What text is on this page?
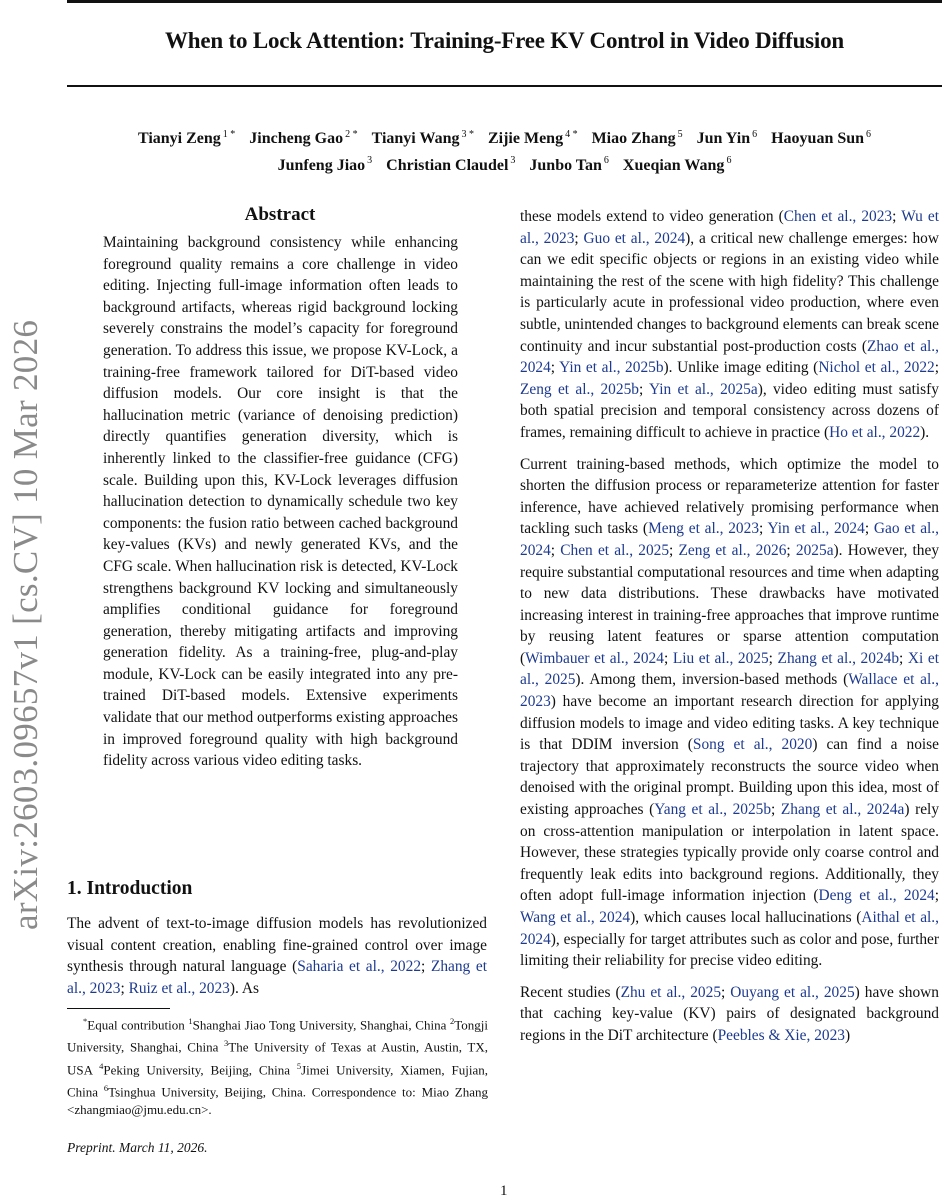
When to Lock Attention: Training-Free KV Control in Video Diffusion
Tianyi Zeng $^{1 *}$ Jincheng Gao $^{2 *}$ Tianyi Wang $^{3 *}$ Zijie Meng $^{4 *}$ Miao Zhang $^5$ Jun Yin $^6$ Haoyuan Sun $^6$
Junfeng Jiao $^3$ Christian Claudel $^3$ Junbo Tan $^6$ Xueqian Wang $^6$
arXiv:2603.09657v1 [cs.CV] 10 Mar 2026
Abstract

Maintaining background consistency while enhancing foreground quality remains a core challenge in video editing. Injecting full-image information often leads to background artifacts, whereas rigid background locking severely constrains the model’s capacity for foreground generation. To address this issue, we propose KV-Lock, a training-free framework tailored for DiT-based video diffusion models. Our core insight is that the hallucination metric (variance of denoising prediction) directly quantifies generation diversity, which is inherently linked to the classifier-free guidance (CFG) scale. Building upon this, KV-Lock leverages diffusion hallucination detection to dynamically schedule two key components: the fusion ratio between cached background key-values (KVs) and newly generated KVs, and the CFG scale. When hallucination risk is detected, KV-Lock strengthens background KV locking and simultaneously amplifies conditional guidance for foreground generation, thereby mitigating artifacts and improving generation fidelity. As a training-free, plug-and-play module, KV-Lock can be easily integrated into any pre-trained DiT-based models. Extensive experiments validate that our method outperforms existing approaches in improved foreground quality with high background fidelity across various video editing tasks.

1. Introduction

The advent of text-to-image diffusion models has revolutionized visual content creation, enabling fine-grained control over image synthesis through natural language (Saharia et al., 2022; Zhang et al., 2023; Ruiz et al., 2023). As

*Equal contribution $^1$Shanghai Jiao Tong University, Shanghai, China $^2$Tongji University, Shanghai, China $^3$The University of Texas at Austin, Austin, TX, USA $^4$Peking University, Beijing, China $^5$Jimei University, Xiamen, Fujian, China $^6$Tsinghua University, Beijing, China. Correspondence to: Miao Zhang <zhangmiao@jmu.edu.cn>.

Preprint. March 11, 2026.

these models extend to video generation (Chen et al., 2023; Wu et al., 2023; Guo et al., 2024), a critical new challenge emerges: how can we edit specific objects or regions in an existing video while maintaining the rest of the scene with high fidelity? This challenge is particularly acute in professional video production, where even subtle, unintended changes to background elements can break scene continuity and incur substantial post-production costs (Zhao et al., 2024; Yin et al., 2025b). Unlike image editing (Nichol et al., 2022; Zeng et al., 2025b; Yin et al., 2025a), video editing must satisfy both spatial precision and temporal consistency across dozens of frames, remaining difficult to achieve in practice (Ho et al., 2022).

Current training-based methods, which optimize the model to shorten the diffusion process or reparameterize attention for faster inference, have achieved relatively promising performance when tackling such tasks (Meng et al., 2023; Yin et al., 2024; Gao et al., 2024; Chen et al., 2025; Zeng et al., 2026; 2025a). However, they require substantial computational resources and time when adapting to new data distributions. These drawbacks have motivated increasing interest in training-free approaches that improve runtime by reusing latent features or sparse attention computation (Wimbauer et al., 2024; Liu et al., 2025; Zhang et al., 2024b; Xi et al., 2025). Among them, inversion-based methods (Wallace et al., 2023) have become an important research direction for applying diffusion models to image and video editing tasks. A key technique is that DDIM inversion (Song et al., 2020) can find a noise trajectory that approximately reconstructs the source video when denoised with the original prompt. Building upon this idea, most of existing approaches (Yang et al., 2025b; Zhang et al., 2024a) rely on cross-attention manipulation or interpolation in latent space. However, these strategies typically provide only coarse control and frequently leak edits into background regions. Additionally, they often adopt full-image information injection (Deng et al., 2024; Wang et al., 2024), which causes local hallucinations (Aithal et al., 2024), especially for target attributes such as color and pose, further limiting their reliability for precise video editing.

Recent studies (Zhu et al., 2025; Ouyang et al., 2025) have shown that caching key-value (KV) pairs of designated background regions in the DiT architecture (Peebles & Xie, 2023)

1
